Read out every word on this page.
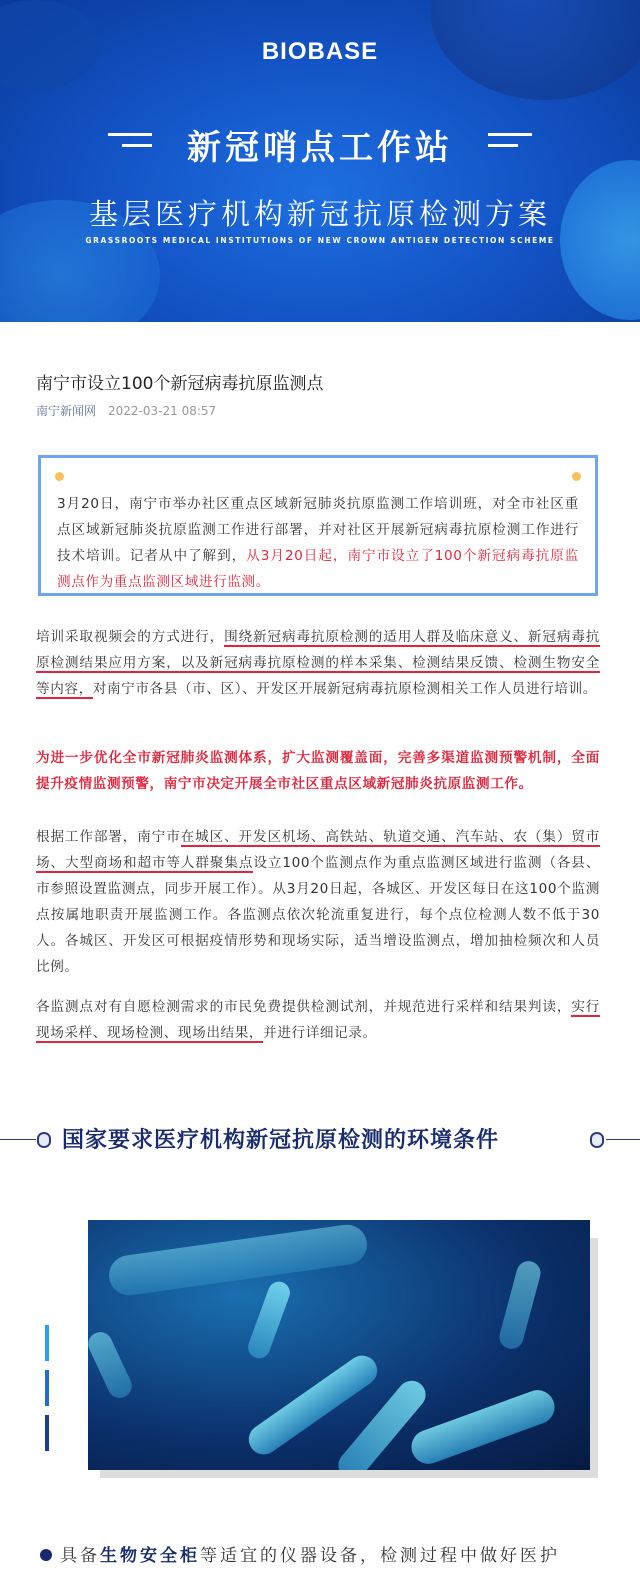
BIOBASE
新冠哨点工作站
基层医疗机构新冠抗原检测方案
GRASSROOTS MEDICAL INSTITUTIONS OF NEW CROWN ANTIGEN DETECTION SCHEME
南宁市设立100个新冠病毒抗原监测点
南宁新闻网 2022-03-21 08:57

3月20日，南宁市举办社区重点区域新冠肺炎抗原监测工作培训班，对全市社区重点区域新冠肺炎抗原监测工作进行部署，并对社区开展新冠病毒抗原检测工作进行技术培训。记者从中了解到，从3月20日起，南宁市设立了100个新冠病毒抗原监测点作为重点监测区域进行监测。

培训采取视频会的方式进行，围绕新冠病毒抗原检测的适用人群及临床意义、新冠病毒抗原检测结果应用方案，以及新冠病毒抗原检测的样本采集、检测结果反馈、检测生物安全等内容，对南宁市各县（市、区）、开发区开展新冠病毒抗原检测相关工作人员进行培训。

为进一步优化全市新冠肺炎监测体系，扩大监测覆盖面，完善多渠道监测预警机制，全面提升疫情监测预警，南宁市决定开展全市社区重点区域新冠肺炎抗原监测工作。

根据工作部署，南宁市在城区、开发区机场、高铁站、轨道交通、汽车站、农（集）贸市场、大型商场和超市等人群聚集点设立100个监测点作为重点监测区域进行监测（各县、市参照设置监测点，同步开展工作）。从3月20日起，各城区、开发区每日在这100个监测点按属地职责开展监测工作。各监测点依次轮流重复进行，每个点位检测人数不低于30人。各城区、开发区可根据疫情形势和现场实际，适当增设监测点，增加抽检频次和人员比例。

各监测点对有自愿检测需求的市民免费提供检测试剂，并规范进行采样和结果判读，实行现场采样、现场检测、现场出结果，并进行详细记录。

国家要求医疗机构新冠抗原检测的环境条件
具备生物安全柜等适宜的仪器设备，检测过程中做好医护
